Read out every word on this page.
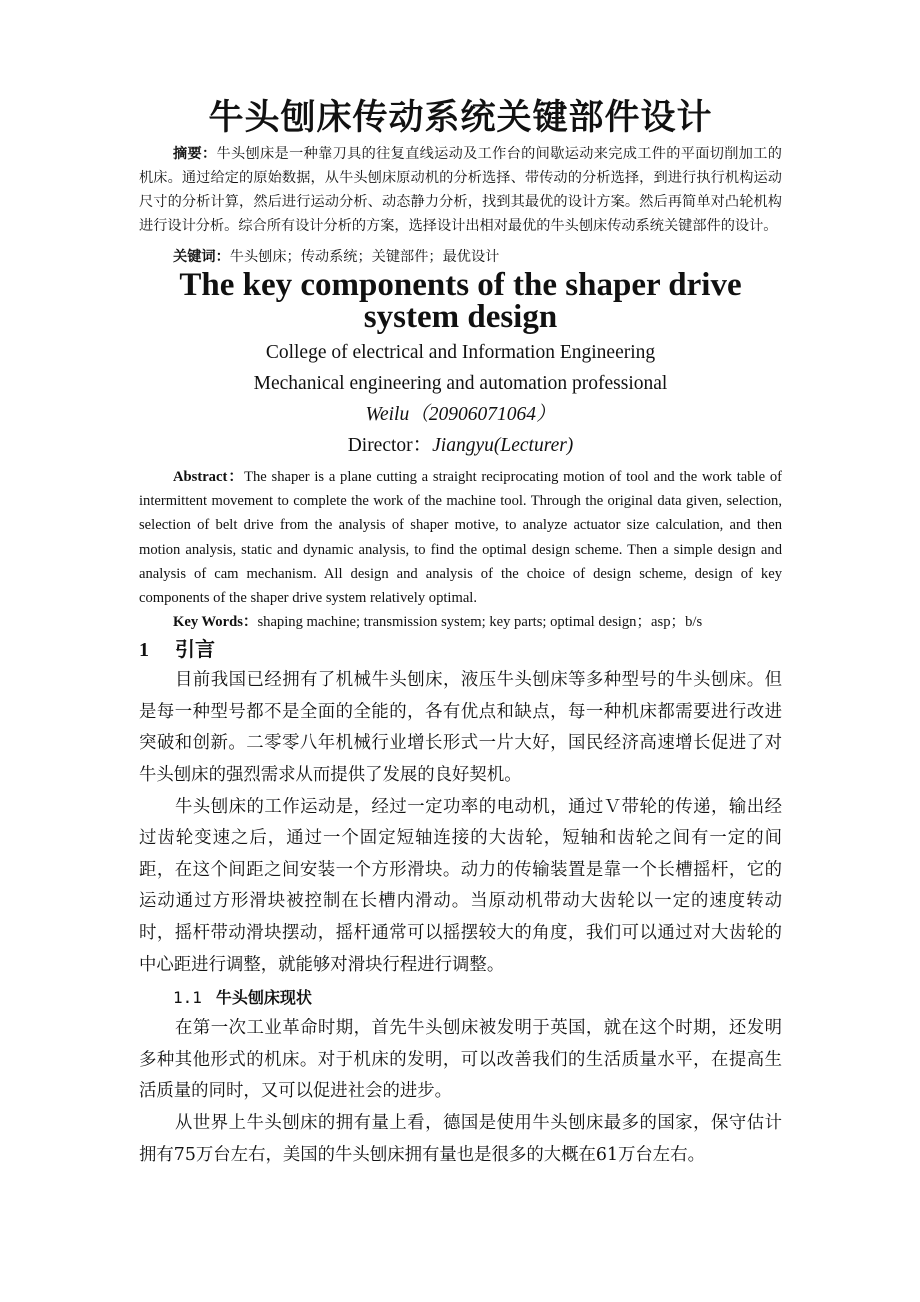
牛头刨床传动系统关键部件设计

摘要：牛头刨床是一种靠刀具的往复直线运动及工作台的间歇运动来完成工件的平面切削加工的机床。通过给定的原始数据，从牛头刨床原动机的分析选择、带传动的分析选择，到进行执行机构运动尺寸的分析计算，然后进行运动分析、动态静力分析，找到其最优的设计方案。然后再简单对凸轮机构进行设计分析。综合所有设计分析的方案，选择设计出相对最优的牛头刨床传动系统关键部件的设计。

关键词：牛头刨床；传动系统；关键部件；最优设计

The key components of the shaper drive
system design

College of electrical and Information Engineering

Mechanical engineering and automation professional

Weilu（20906071064）

Director：Jiangyu(Lecturer)

Abstract：The shaper is a plane cutting a straight reciprocating motion of tool and the work table of intermittent movement to complete the work of the machine tool. Through the original data given, selection, selection of belt drive from the analysis of shaper motive, to analyze actuator size calculation, and then motion analysis, static and dynamic analysis, to find the optimal design scheme. Then a simple design and analysis of cam mechanism. All design and analysis of the choice of design scheme, design of key components of the shaper drive system relatively optimal.

Key Words：shaping machine; transmission system; key parts; optimal design；asp；b/s

1 引言

目前我国已经拥有了机械牛头刨床，液压牛头刨床等多种型号的牛头刨床。但是每一种型号都不是全面的全能的，各有优点和缺点，每一种机床都需要进行改进突破和创新。二零零八年机械行业增长形式一片大好，国民经济高速增长促进了对牛头刨床的强烈需求从而提供了发展的良好契机。

牛头刨床的工作运动是，经过一定功率的电动机，通过Ｖ带轮的传递，输出经过齿轮变速之后，通过一个固定短轴连接的大齿轮，短轴和齿轮之间有一定的间距，在这个间距之间安装一个方形滑块。动力的传输装置是靠一个长槽摇杆，它的运动通过方形滑块被控制在长槽内滑动。当原动机带动大齿轮以一定的速度转动时，摇杆带动滑块摆动，摇杆通常可以摇摆较大的角度，我们可以通过对大齿轮的中心距进行调整，就能够对滑块行程进行调整。

1.1 牛头刨床现状

在第一次工业革命时期，首先牛头刨床被发明于英国，就在这个时期，还发明多种其他形式的机床。对于机床的发明，可以改善我们的生活质量水平，在提高生活质量的同时，又可以促进社会的进步。

从世界上牛头刨床的拥有量上看，德国是使用牛头刨床最多的国家，保守估计拥有75万台左右，美国的牛头刨床拥有量也是很多的大概在61万台左右。
